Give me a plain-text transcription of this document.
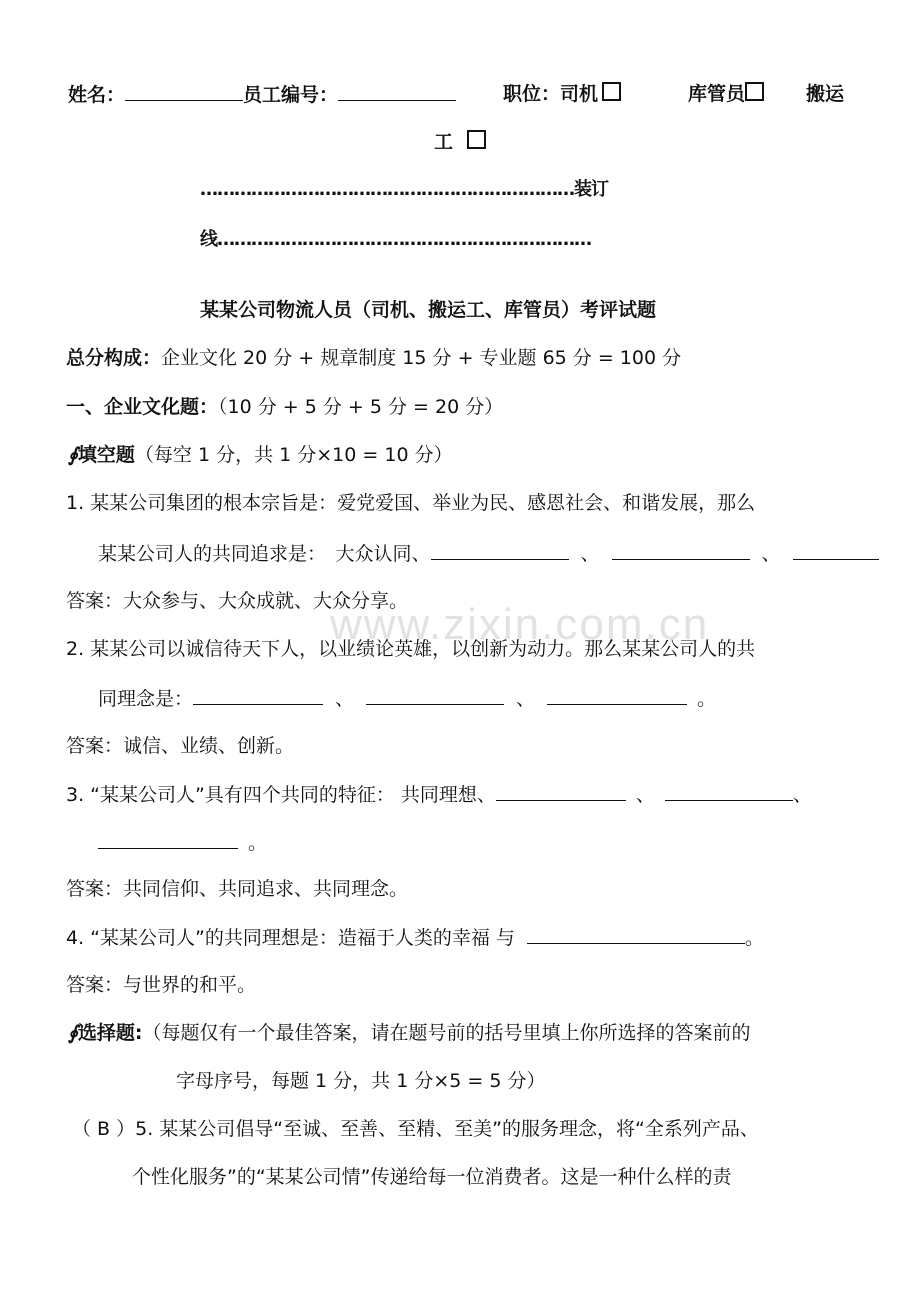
www.zixin.com.cn
姓名：	员工编号：	职位：司机	库管员	搬运
工
…………………………………………………………装订
线…………………………………………………………
某某公司物流人员（司机、搬运工、库管员）考评试题
总分构成：企业文化 20 分 + 规章制度 15 分 + 专业题 65 分 = 100 分
一、企业文化题：（10 分 + 5 分 + 5 分 = 20 分）
∮填空题（每空 1 分，共 1 分×10 = 10 分）
1. 某某公司集团的根本宗旨是：爱党爱国、举业为民、感恩社会、和谐发展，那么
某某公司人的共同追求是：　大众认同、	、	、
答案：大众参与、大众成就、大众分享。
2. 某某公司以诚信待天下人，以业绩论英雄，以创新为动力。那么某某公司人的共
同理念是：	、	、	。
答案：诚信、业绩、创新。
3. “某某公司人”具有四个共同的特征： 共同理想、	、	、
。
答案：共同信仰、共同追求、共同理念。
4. “某某公司人”的共同理想是：造福于人类的幸福 与	。
答案：与世界的和平。
∮选择题:（每题仅有一个最佳答案，请在题号前的括号里填上你所选择的答案前的
字母序号，每题 1 分，共 1 分×5 = 5 分）
（ B ）5. 某某公司倡导“至诚、至善、至精、至美”的服务理念，将“全系列产品、
个性化服务”的“某某公司情”传递给每一位消费者。这是一种什么样的责
